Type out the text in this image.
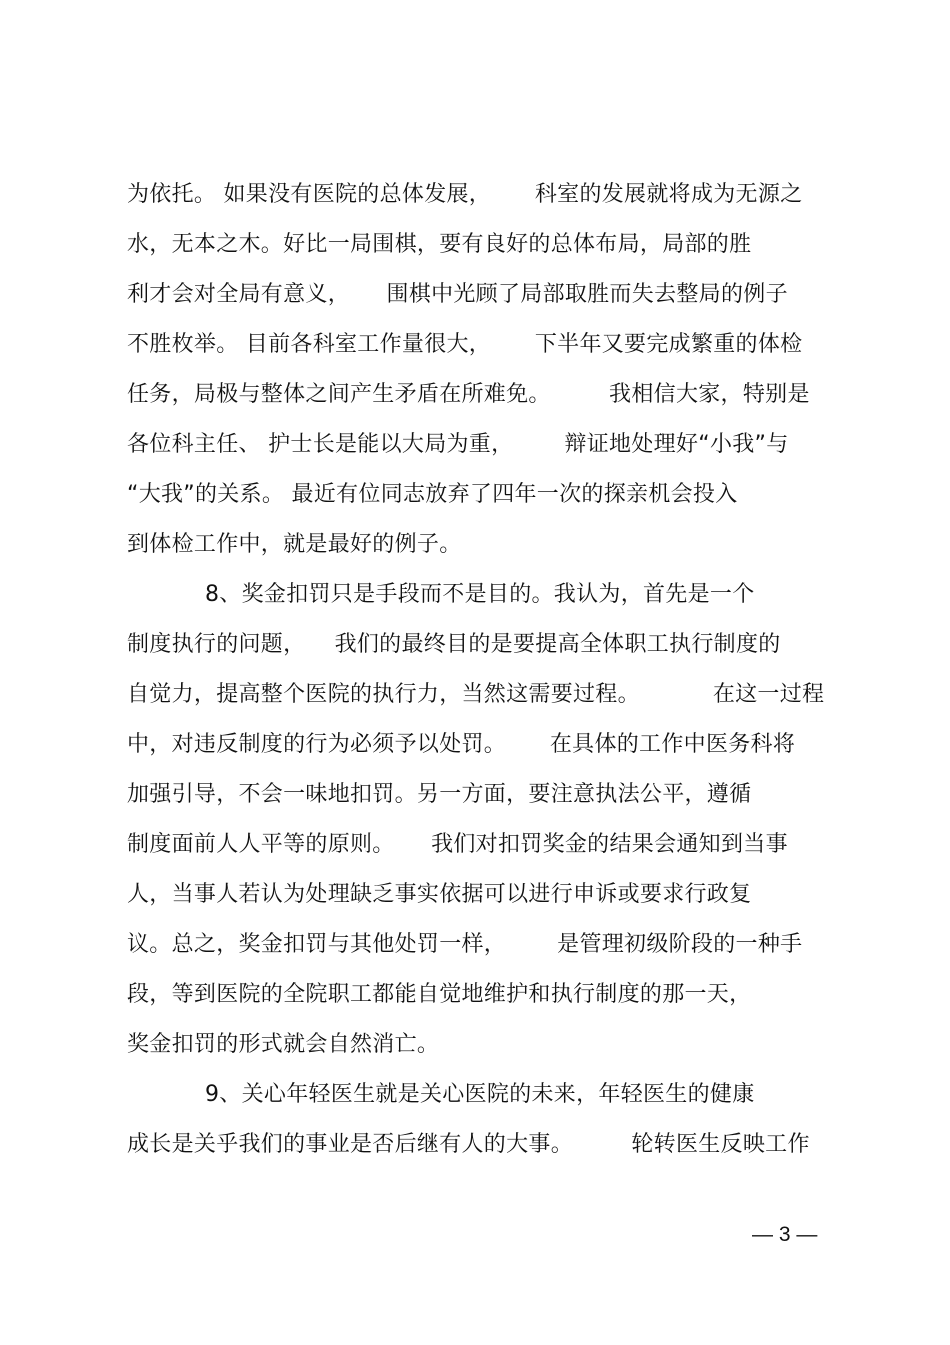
为依托。 如果没有医院的总体发展，      科室的发展就将成为无源之
水，无本之木。好比一局围棋，要有良好的总体布局，局部的胜
利才会对全局有意义，     围棋中光顾了局部取胜而失去整局的例子
不胜枚举。 目前各科室工作量很大，      下半年又要完成繁重的体检
任务，局极与整体之间产生矛盾在所难免。        我相信大家，特别是
各位科主任、 护士长是能以大局为重，       辩证地处理好“小我”与
“大我”的关系。 最近有位同志放弃了四年一次的探亲机会投入
到体检工作中，就是最好的例子。
8、奖金扣罚只是手段而不是目的。我认为，首先是一个
制度执行的问题，    我们的最终目的是要提高全体职工执行制度的
自觉力，提高整个医院的执行力，当然这需要过程。          在这一过程
中，对违反制度的行为必须予以处罚。      在具体的工作中医务科将
加强引导，不会一味地扣罚。另一方面，要注意执法公平，遵循
制度面前人人平等的原则。     我们对扣罚奖金的结果会通知到当事
人，当事人若认为处理缺乏事实依据可以进行申诉或要求行政复
议。总之，奖金扣罚与其他处罚一样，       是管理初级阶段的一种手
段，等到医院的全院职工都能自觉地维护和执行制度的那一天，
奖金扣罚的形式就会自然消亡。
9、关心年轻医生就是关心医院的未来，年轻医生的健康
成长是关乎我们的事业是否后继有人的大事。        轮转医生反映工作
— 3 —
